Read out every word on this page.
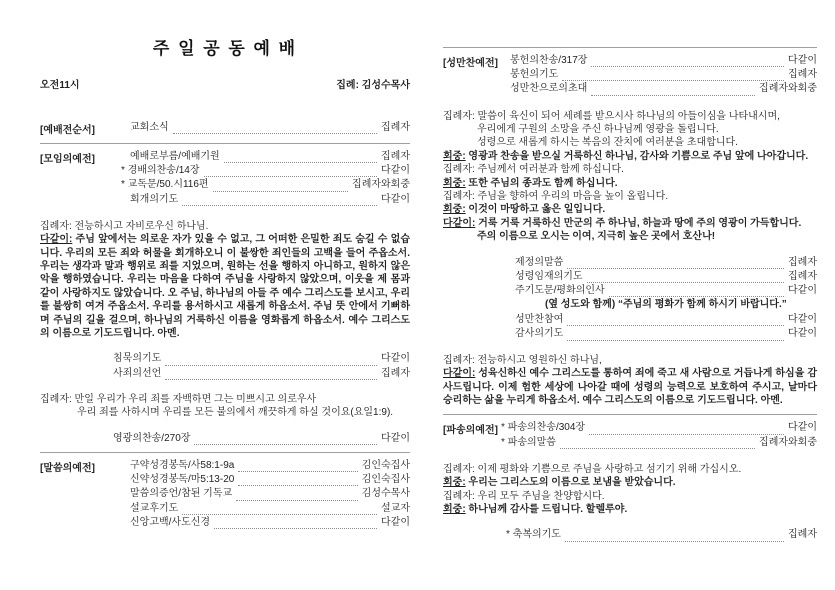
주 일 공 동 예 배
오전11시	집례: 김성수목사
[예배전순서]	교회소식	집례자
[모임의예전]	예배로부름/예배기원	집례자
* 경배의찬송/14장	다같이
* 교독문/50.시116편	집례자와회중
회개의기도	다같이

집례자: 전능하시고 자비로우신 하나님.

다같이: 주님 앞에서는 의로운 자가 있을 수 없고, 그 어떠한 은밀한 죄도 숨길 수 없습니다. 우리의 모든 죄와 허물을 회개하오니 이 불쌍한 죄인들의 고백을 들어 주옵소서. 우리는 생각과 말과 행위로 죄를 지었으며, 원하는 선을 행하지 아니하고, 원하지 않은 악을 행하였습니다. 우리는 마음을 다하여 주님을 사랑하지 않았으며, 이웃을 제 몸과 같이 사랑하지도 않았습니다. 오 주님, 하나님의 아들 주 예수 그리스도를 보시고, 우리를 불쌍히 여겨 주옵소서. 우리를 용서하시고 새롭게 하옵소서. 주님 뜻 안에서 기뻐하며 주님의 길을 걸으며, 하나님의 거룩하신 이름을 영화롭게 하옵소서. 예수 그리스도의 이름으로 기도드립니다. 아멘.

침묵의기도	다같이
사죄의선언	집례자

집례자: 만일 우리가 우리 죄를 자백하면 그는 미쁘시고 의로우사
우리 죄를 사하시며 우리를 모든 불의에서 깨끗하게 하실 것이요(요일1:9).

영광의찬송/270장	다같이
[말씀의예전]	구약성경봉독/사58:1-9a	김인숙집사
신약성경봉독/마5:13-20	김인숙집사
말씀의증언/참된 기독교	김성수목사
설교후기도	설교자
신앙고백/사도신경	다같이
[성만찬예전]	봉헌의찬송/317장	다같이
봉헌의기도	집례자
성만찬으로의초대	집례자와회중

집례자: 말씀이 육신이 되어 세례를 받으시사 하나님의 아들이심을 나타내시며,
우리에게 구원의 소망을 주신 하나님께 영광을 돌립니다.
성령으로 새롭게 하시는 복음의 잔치에 여러분을 초대합니다.

회중: 영광과 찬송을 받으실 거룩하신 하나님, 감사와 기쁨으로 주님 앞에 나아갑니다.

집례자: 주님께서 여러분과 함께 하십니다.

회중: 또한 주님의 종과도 함께 하십니다.

집례자: 주님을 향하여 우리의 마음을 높이 올립니다.

회중: 이것이 마땅하고 옳은 일입니다.

다같이: 거룩 거룩 거룩하신 만군의 주 하나님, 하늘과 땅에 주의 영광이 가득합니다.
주의 이름으로 오시는 이여, 지극히 높은 곳에서 호산나!

제정의말씀	집례자
성령임재의기도	집례자
주기도문/평화의인사	다같이
(옆 성도와 함께) “주님의 평화가 함께 하시기 바랍니다.”
성만찬참여	다같이
감사의기도	다같이

집례자: 전능하시고 영원하신 하나님,

다같이: 성육신하신 예수 그리스도를 통하여 죄에 죽고 새 사람으로 거듭나게 하심을 감사드립니다. 이제 험한 세상에 나아갈 때에 성령의 능력으로 보호하여 주시고, 날마다 승리하는 삶을 누리게 하옵소서. 예수 그리스도의 이름으로 기도드립니다. 아멘.

[파송의예전] * 파송의찬송/304장	다같이
* 파송의말씀	집례자와회중

집례자: 이제 평화와 기쁨으로 주님을 사랑하고 섬기기 위해 가십시오.

회중: 우리는 그리스도의 이름으로 보냄을 받았습니다.

집례자: 우리 모두 주님을 찬양합시다.

회중: 하나님께 감사를 드립니다. 할렐루야.

* 축복의기도	집례자
